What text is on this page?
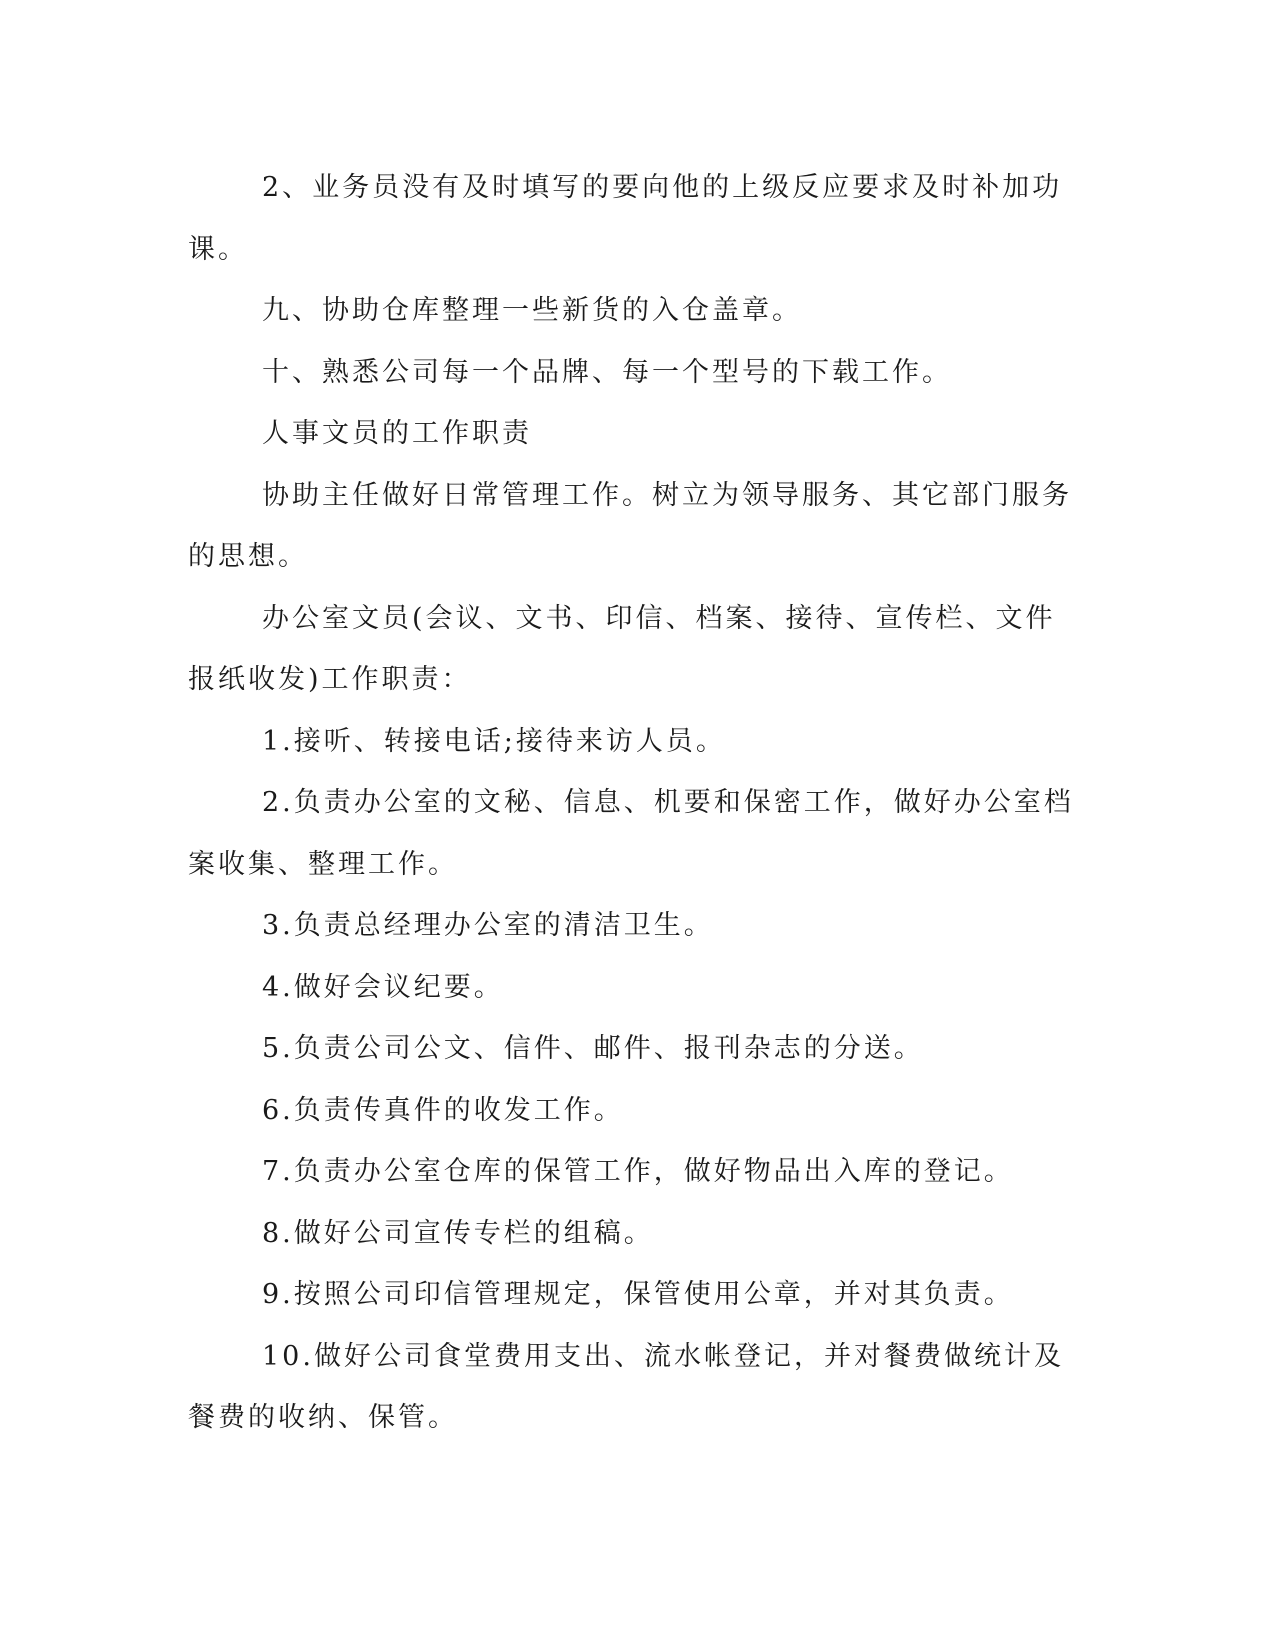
2、业务员没有及时填写的要向他的上级反应要求及时补加功课。

九、协助仓库整理一些新货的入仓盖章。

十、熟悉公司每一个品牌、每一个型号的下载工作。

人事文员的工作职责

协助主任做好日常管理工作。树立为领导服务、其它部门服务的思想。

办公室文员(会议、文书、印信、档案、接待、宣传栏、文件报纸收发)工作职责：

1.接听、转接电话;接待来访人员。

2.负责办公室的文秘、信息、机要和保密工作，做好办公室档案收集、整理工作。

3.负责总经理办公室的清洁卫生。

4.做好会议纪要。

5.负责公司公文、信件、邮件、报刊杂志的分送。

6.负责传真件的收发工作。

7.负责办公室仓库的保管工作，做好物品出入库的登记。

8.做好公司宣传专栏的组稿。

9.按照公司印信管理规定，保管使用公章，并对其负责。

10.做好公司食堂费用支出、流水帐登记，并对餐费做统计及餐费的收纳、保管。
